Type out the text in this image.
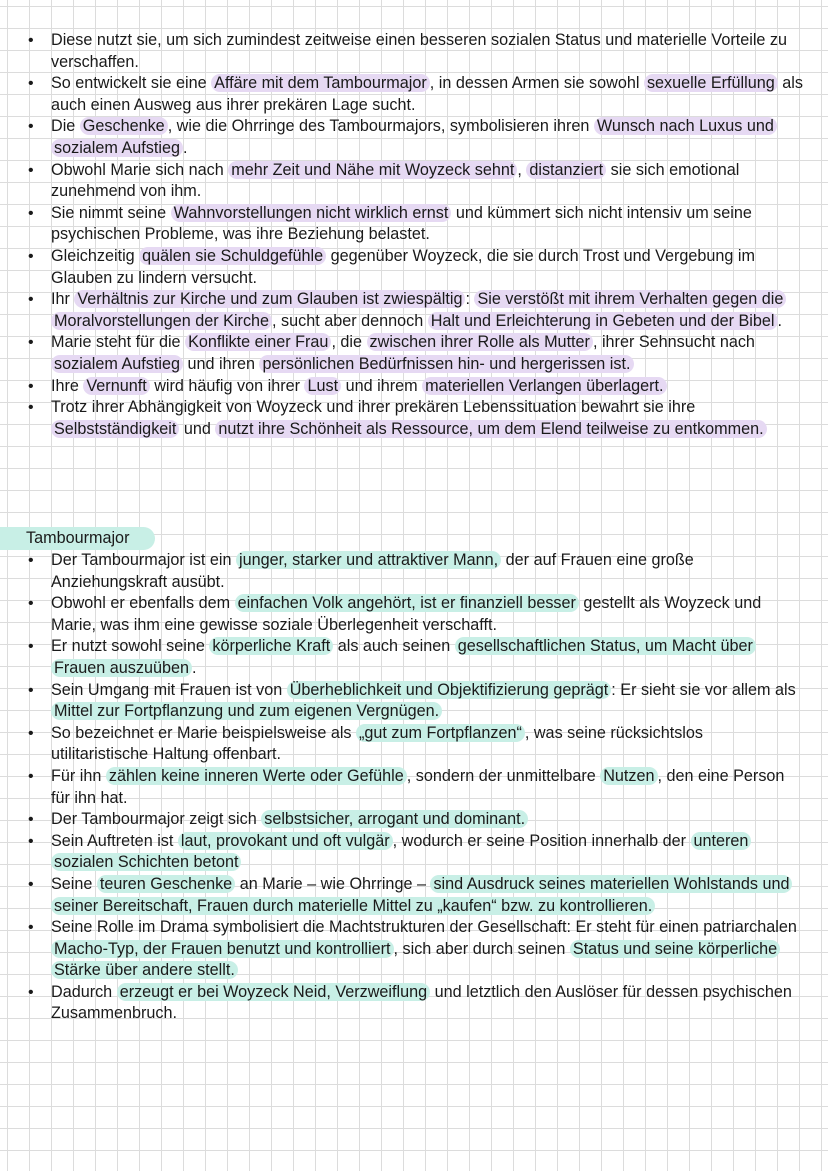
• Diese nutzt sie, um sich zumindest zeitweise einen besseren sozialen Status und materielle Vorteile zu verschaffen.
• So entwickelt sie eine Affäre mit dem Tambourmajor , in dessen Armen sie sowohl sexuelle Erfüllung als auch einen Ausweg aus ihrer prekären Lage sucht.
• Die Geschenke , wie die Ohrringe des Tambourmajors, symbolisieren ihren Wunsch nach Luxus und sozialem Aufstieg .
• Obwohl Marie sich nach mehr Zeit und Nähe mit Woyzeck sehnt , distanziert sie sich emotional zunehmend von ihm.
• Sie nimmt seine Wahnvorstellungen nicht wirklich ernst und kümmert sich nicht intensiv um seine psychischen Probleme, was ihre Beziehung belastet.
• Gleichzeitig quälen sie Schuldgefühle gegenüber Woyzeck, die sie durch Trost und Vergebung im Glauben zu lindern versucht.
• Ihr Verhältnis zur Kirche und zum Glauben ist zwiespältig : Sie verstößt mit ihrem Verhalten gegen die Moralvorstellungen der Kirche , sucht aber dennoch Halt und Erleichterung in Gebeten und der Bibel .
• Marie steht für die Konflikte einer Frau , die zwischen ihrer Rolle als Mutter , ihrer Sehnsucht nach sozialem Aufstieg und ihren persönlichen Bedürfnissen hin- und hergerissen ist.
• Ihre Vernunft wird häufig von ihrer Lust und ihrem materiellen Verlangen überlagert.
• Trotz ihrer Abhängigkeit von Woyzeck und ihrer prekären Lebenssituation bewahrt sie ihre Selbstständigkeit und nutzt ihre Schönheit als Ressource, um dem Elend teilweise zu entkommen.
Tambourmajor
• Der Tambourmajor ist ein junger, starker und attraktiver Mann, der auf Frauen eine große Anziehungskraft ausübt.
• Obwohl er ebenfalls dem einfachen Volk angehört, ist er finanziell besser gestellt als Woyzeck und Marie, was ihm eine gewisse soziale Überlegenheit verschafft.
• Er nutzt sowohl seine körperliche Kraft als auch seinen gesellschaftlichen Status, um Macht über Frauen auszuüben .
• Sein Umgang mit Frauen ist von Überheblichkeit und Objektifizierung geprägt : Er sieht sie vor allem als Mittel zur Fortpflanzung und zum eigenen Vergnügen.
• So bezeichnet er Marie beispielsweise als „gut zum Fortpflanzen“ , was seine rücksichtslos utilitaristische Haltung offenbart.
• Für ihn zählen keine inneren Werte oder Gefühle , sondern der unmittelbare Nutzen , den eine Person für ihn hat.
• Der Tambourmajor zeigt sich selbstsicher, arrogant und dominant.
• Sein Auftreten ist laut, provokant und oft vulgär , wodurch er seine Position innerhalb der unteren sozialen Schichten betont
• Seine teuren Geschenke an Marie – wie Ohrringe – sind Ausdruck seines materiellen Wohlstands und seiner Bereitschaft, Frauen durch materielle Mittel zu „kaufen“ bzw. zu kontrollieren.
• Seine Rolle im Drama symbolisiert die Machtstrukturen der Gesellschaft: Er steht für einen patriarchalen Macho-Typ, der Frauen benutzt und kontrolliert , sich aber durch seinen Status und seine körperliche Stärke über andere stellt.
• Dadurch erzeugt er bei Woyzeck Neid, Verzweiflung und letztlich den Auslöser für dessen psychischen Zusammenbruch.
